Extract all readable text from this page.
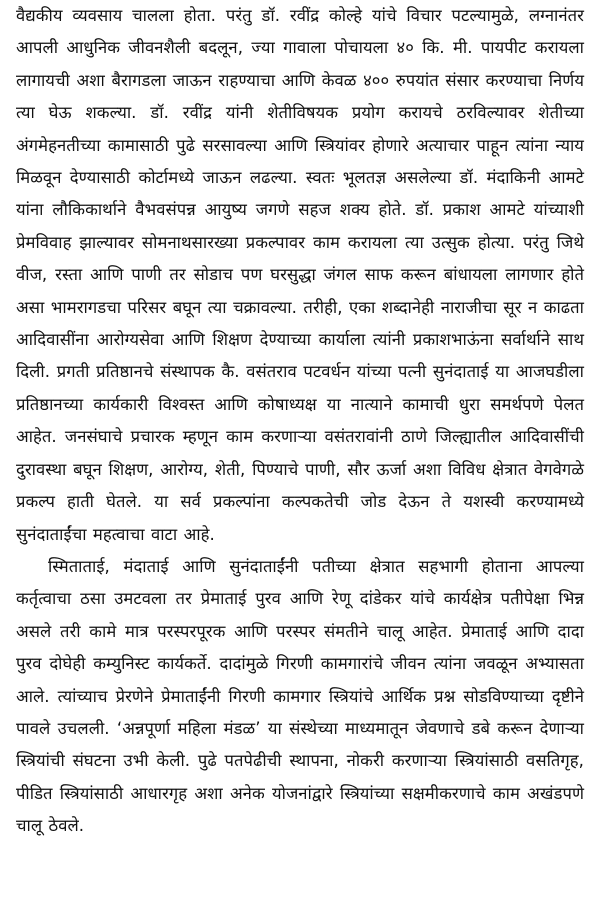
वैद्यकीय व्यवसाय चालला होता. परंतु डॉ. रवींद्र कोल्हे यांचे विचार पटल्यामुळे, लग्नानंतर आपली आधुनिक जीवनशैली बदलून, ज्या गावाला पोचायला ४० कि. मी. पायपीट करायला लागायची अशा बैरागडला जाऊन राहण्याचा आणि केवळ ४०० रुपयांत संसार करण्याचा निर्णय त्या घेऊ शकल्या. डॉ. रवींद्र यांनी शेतीविषयक प्रयोग करायचे ठरविल्यावर शेतीच्या अंगमेहनतीच्या कामासाठी पुढे सरसावल्या आणि स्त्रियांवर होणारे अत्याचार पाहून त्यांना न्याय मिळवून देण्यासाठी कोर्टामध्ये जाऊन लढल्या. स्वतः भूलतज्ञ असलेल्या डॉ. मंदाकिनी आमटे यांना लौकिकार्थाने वैभवसंपन्न आयुष्य जगणे सहज शक्य होते. डॉ. प्रकाश आमटे यांच्याशी प्रेमविवाह झाल्यावर सोमनाथसारख्या प्रकल्पावर काम करायला त्या उत्सुक होत्या. परंतु जिथे वीज, रस्ता आणि पाणी तर सोडाच पण घरसुद्धा जंगल साफ करून बांधायला लागणार होते असा भामरागडचा परिसर बघून त्या चक्रावल्या. तरीही, एका शब्दानेही नाराजीचा सूर न काढता आदिवासींना आरोग्यसेवा आणि शिक्षण देण्याच्या कार्याला त्यांनी प्रकाशभाऊंना सर्वार्थाने साथ दिली. प्रगती प्रतिष्ठानचे संस्थापक कै. वसंतराव पटवर्धन यांच्या पत्नी सुनंदाताई या आजघडीला प्रतिष्ठानच्या कार्यकारी विश्वस्त आणि कोषाध्यक्ष या नात्याने कामाची धुरा समर्थपणे पेलत आहेत. जनसंघाचे प्रचारक म्हणून काम करणाऱ्या वसंतरावांनी ठाणे जिल्ह्यातील आदिवासींची दुरावस्था बघून शिक्षण, आरोग्य, शेती, पिण्याचे पाणी, सौर ऊर्जा अशा विविध क्षेत्रात वेगवेगळे प्रकल्प हाती घेतले. या सर्व प्रकल्पांना कल्पकतेची जोड देऊन ते यशस्वी करण्यामध्ये सुनंदाताईंचा महत्वाचा वाटा आहे.

स्मिताताई, मंदाताई आणि सुनंदाताईंनी पतीच्या क्षेत्रात सहभागी होताना आपल्या कर्तृत्वाचा ठसा उमटवला तर प्रेमाताई पुरव आणि रेणू दांडेकर यांचे कार्यक्षेत्र पतीपेक्षा भिन्न असले तरी कामे मात्र परस्परपूरक आणि परस्पर संमतीने चालू आहेत. प्रेमाताई आणि दादा पुरव दोघेही कम्युनिस्ट कार्यकर्ते. दादांमुळे गिरणी कामगारांचे जीवन त्यांना जवळून अभ्यासता आले. त्यांच्याच प्रेरणेने प्रेमाताईंनी गिरणी कामगार स्त्रियांचे आर्थिक प्रश्न सोडविण्याच्या दृष्टीने पावले उचलली. ‘अन्नपूर्णा महिला मंडळ’ या संस्थेच्या माध्यमातून जेवणाचे डबे करून देणाऱ्या स्त्रियांची संघटना उभी केली. पुढे पतपेढीची स्थापना, नोकरी करणाऱ्या स्त्रियांसाठी वसतिगृह, पीडित स्त्रियांसाठी आधारगृह अशा अनेक योजनांद्वारे स्त्रियांच्या सक्षमीकरणाचे काम अखंडपणे चालू ठेवले.
